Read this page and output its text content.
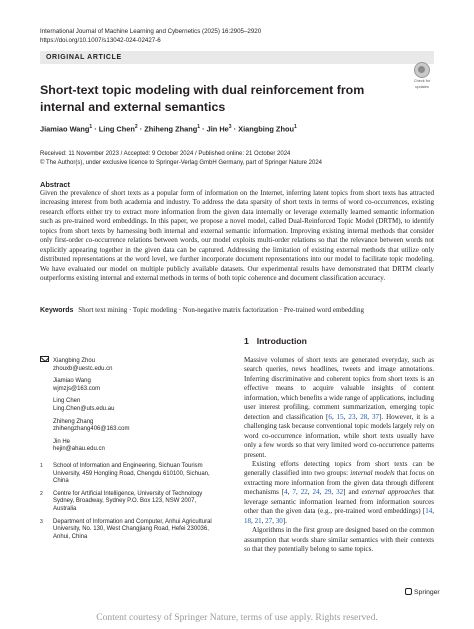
International Journal of Machine Learning and Cybernetics (2025) 16:2905–2920
https://doi.org/10.1007/s13042-024-02427-6
ORIGINAL ARTICLE
Check for
updates
Short-text topic modeling with dual reinforcement from internal and external semantics
Jiamiao Wang$^1$ · Ling Chen$^2$ · Zhiheng Zhang$^1$ · Jin $He^3$ · Xiangbing Zhou$^1$
Received: 11 November 2023 / Accepted: 9 October 2024 / Published online: 21 October 2024
© The Author(s), under exclusive licence to Springer-Verlag GmbH Germany, part of Springer Nature 2024
Abstract
Given the prevalence of short texts as a popular form of information on the Internet, inferring latent topics from short texts has attracted increasing interest from both academia and industry. To address the data sparsity of short texts in terms of word co-occurrences, existing research efforts either try to extract more information from the given data internally or leverage externally learned semantic information such as pre-trained word embeddings. In this paper, we propose a novel model, called Dual-Reinforced Topic Model (DRTM), to identify topics from short texts by harnessing both internal and external semantic information. Improving existing internal methods that consider only first-order co-occurrence relations between words, our model exploits multi-order relations so that the relevance between words not explicitly appearing together in the given data can be captured. Addressing the limitation of existing external methods that utilize only distributed representations at the word level, we further incorporate document representations into our model to facilitate topic modeling. We have evaluated our model on multiple publicly available datasets. Our experimental results have demonstrated that DRTM clearly outperforms existing internal and external methods in terms of both topic coherence and document classification accuracy.
Keywords Short text mining · Topic modeling · Non-negative matrix factorization · Pre-trained word embedding
1 Introduction

Massive volumes of short texts are generated everyday, such as search queries, news headlines, tweets and image annotations. Inferring discriminative and coherent topics from short texts is an effective means to acquire valuable insights of content information, which benefits a wide range of applications, including user interest profiling, comment summarization, emerging topic detection and classification [6, 15, 23, 28, 37]. However, it is a challenging task because conventional topic models largely rely on word co-occurrence information, while short texts usually have only a few words so that very limited word co-occurrence patterns present.

Existing efforts detecting topics from short texts can be generally classified into two groups: internal models that focus on extracting more information from the given data through different mechanisms [4, 7, 22, 24, 29, 32] and external approaches that leverage semantic information learned from information sources other than the given data (e.g., pre-trained word embeddings) [14, 18, 21, 27, 30].

Algorithms in the first group are designed based on the common assumption that words share similar semantics with their contexts so that they potentially belong to same topics.

Xiangbing Zhou
zhouxb@uestc.edu.cn
Jiamiao Wang
wjmzjs@163.com
Ling Chen
Ling.Chen@uts.edu.au
Zhiheng Zhang
zhihengzhang406@163.com
Jin He
hejin@ahau.edu.cn
1	School of Information and Engineering, Sichuan Tourism University, 459 Hongling Road, Chengdu 610100, Sichuan, China
2	Centre for Artificial Intelligence, University of Technology Sydney, Broadway, Sydney P.O. Box 123, NSW 2007, Australia
3	Department of Information and Computer, Anhui Agricultural University, No. 130, West Changjiang Road, Hefei 230036, Anhui, China
Springer
Content courtesy of Springer Nature, terms of use apply. Rights reserved.
